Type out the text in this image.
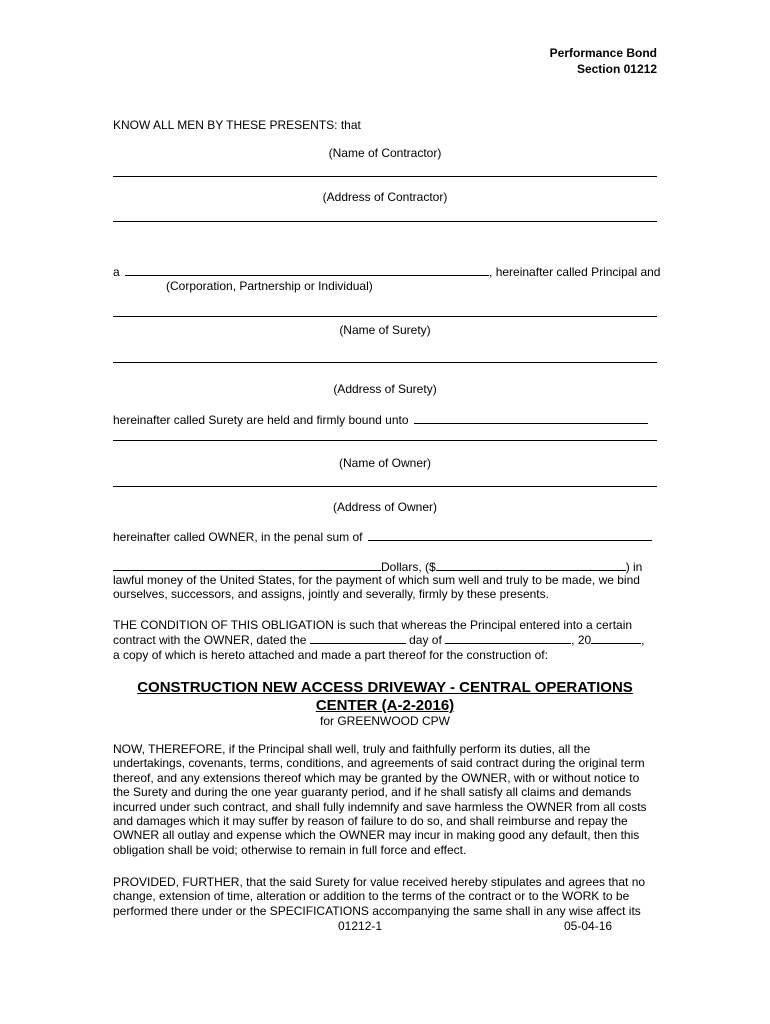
Performance Bond
Section 01212
KNOW ALL MEN BY THESE PRESENTS: that
(Name of Contractor)
(Address of Contractor)
a	, hereinafter called Principal and
(Corporation, Partnership or Individual)
(Name of Surety)
(Address of Surety)
hereinafter called Surety are held and firmly bound unto
(Name of Owner)
(Address of Owner)
hereinafter called OWNER, in the penal sum of
Dollars, ($	) in
lawful money of the United States, for the payment of which sum well and truly to be made, we bind
ourselves, successors, and assigns, jointly and severally, firmly by these presents.
THE CONDITION OF THIS OBLIGATION is such that whereas the Principal entered into a certain
contract with the OWNER, dated the	day of	, 20	,
a copy of which is hereto attached and made a part thereof for the construction of:
CONSTRUCTION NEW ACCESS DRIVEWAY - CENTRAL OPERATIONS
CENTER (A-2-2016)
for GREENWOOD CPW
NOW, THEREFORE, if the Principal shall well, truly and faithfully perform its duties, all the
undertakings, covenants, terms, conditions, and agreements of said contract during the original term
thereof, and any extensions thereof which may be granted by the OWNER, with or without notice to
the Surety and during the one year guaranty period, and if he shall satisfy all claims and demands
incurred under such contract, and shall fully indemnify and save harmless the OWNER from all costs
and damages which it may suffer by reason of failure to do so, and shall reimburse and repay the
OWNER all outlay and expense which the OWNER may incur in making good any default, then this
obligation shall be void; otherwise to remain in full force and effect.
PROVIDED, FURTHER, that the said Surety for value received hereby stipulates and agrees that no
change, extension of time, alteration or addition to the terms of the contract or to the WORK to be
performed there under or the SPECIFICATIONS accompanying the same shall in any wise affect its
01212-1	05-04-16
